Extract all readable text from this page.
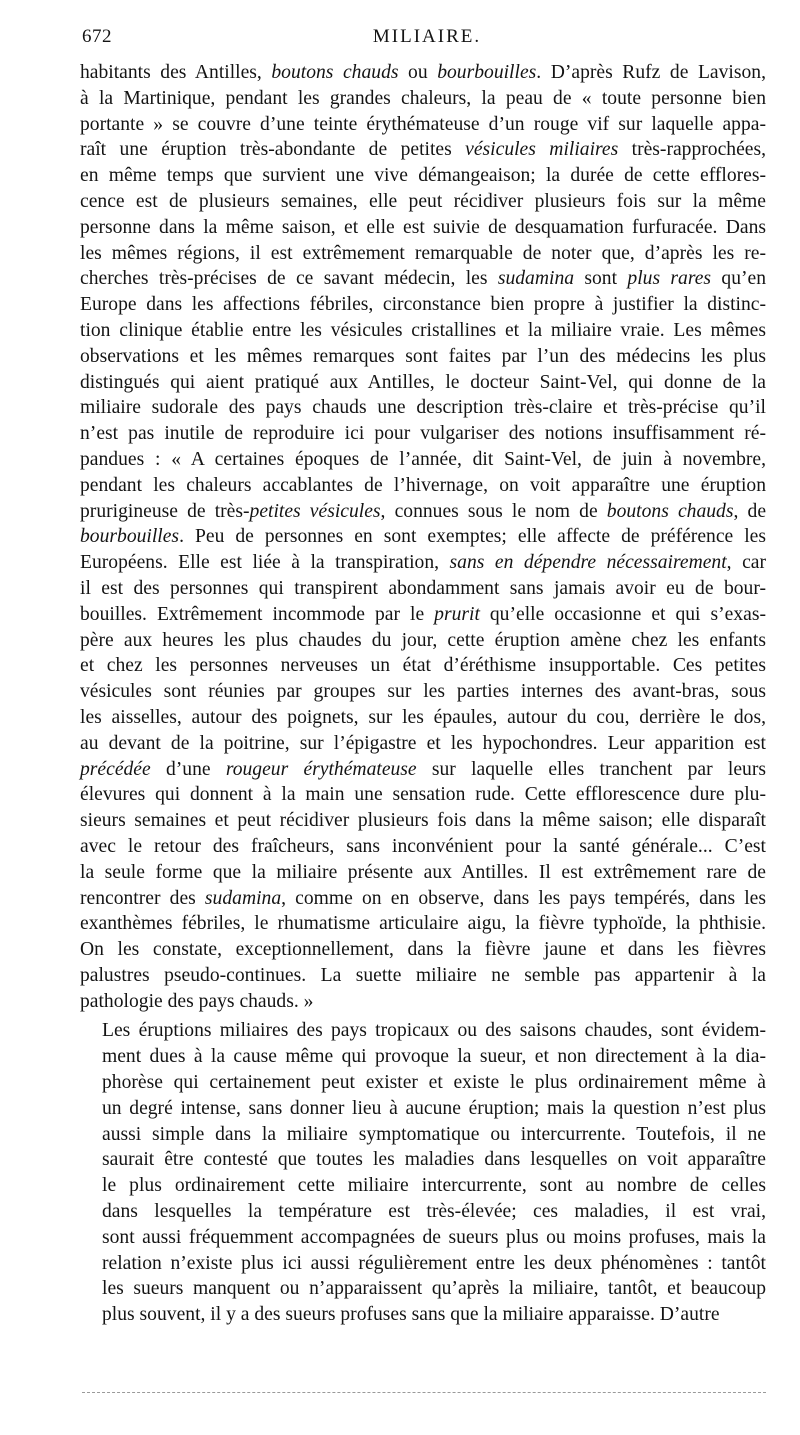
672	MILIAIRE.

habitants des Antilles, boutons chauds ou bourbouilles. D’après Rufz de Lavison,
à la Martinique, pendant les grandes chaleurs, la peau de « toute personne bien
portante » se couvre d’une teinte érythémateuse d’un rouge vif sur laquelle appa-
raît une éruption très-abondante de petites vésicules miliaires très-rapprochées,
en même temps que survient une vive démangeaison; la durée de cette efflores-
cence est de plusieurs semaines, elle peut récidiver plusieurs fois sur la même
personne dans la même saison, et elle est suivie de desquamation furfuracée. Dans
les mêmes régions, il est extrêmement remarquable de noter que, d’après les re-
cherches très-précises de ce savant médecin, les sudamina sont plus rares qu’en
Europe dans les affections fébriles, circonstance bien propre à justifier la distinc-
tion clinique établie entre les vésicules cristallines et la miliaire vraie. Les mêmes
observations et les mêmes remarques sont faites par l’un des médecins les plus
distingués qui aient pratiqué aux Antilles, le docteur Saint-Vel, qui donne de la
miliaire sudorale des pays chauds une description très-claire et très-précise qu’il
n’est pas inutile de reproduire ici pour vulgariser des notions insuffisamment ré-
pandues : « A certaines époques de l’année, dit Saint-Vel, de juin à novembre,
pendant les chaleurs accablantes de l’hivernage, on voit apparaître une éruption
prurigineuse de très-petites vésicules, connues sous le nom de boutons chauds, de
bourbouilles. Peu de personnes en sont exemptes; elle affecte de préférence les
Européens. Elle est liée à la transpiration, sans en dépendre nécessairement, car
il est des personnes qui transpirent abondamment sans jamais avoir eu de bour-
bouilles. Extrêmement incommode par le prurit qu’elle occasionne et qui s’exas-
père aux heures les plus chaudes du jour, cette éruption amène chez les enfants
et chez les personnes nerveuses un état d’éréthisme insupportable. Ces petites
vésicules sont réunies par groupes sur les parties internes des avant-bras, sous
les aisselles, autour des poignets, sur les épaules, autour du cou, derrière le dos,
au devant de la poitrine, sur l’épigastre et les hypochondres. Leur apparition est
précédée d’une rougeur érythémateuse sur laquelle elles tranchent par leurs
élevures qui donnent à la main une sensation rude. Cette efflorescence dure plu-
sieurs semaines et peut récidiver plusieurs fois dans la même saison; elle disparaît
avec le retour des fraîcheurs, sans inconvénient pour la santé générale... C’est
la seule forme que la miliaire présente aux Antilles. Il est extrêmement rare de
rencontrer des sudamina, comme on en observe, dans les pays tempérés, dans les
exanthèmes fébriles, le rhumatisme articulaire aigu, la fièvre typhoïde, la phthisie.
On les constate, exceptionnellement, dans la fièvre jaune et dans les fièvres
palustres pseudo-continues. La suette miliaire ne semble pas appartenir à la
pathologie des pays chauds. »

Les éruptions miliaires des pays tropicaux ou des saisons chaudes, sont évidem-
ment dues à la cause même qui provoque la sueur, et non directement à la dia-
phorèse qui certainement peut exister et existe le plus ordinairement même à
un degré intense, sans donner lieu à aucune éruption; mais la question n’est plus
aussi simple dans la miliaire symptomatique ou intercurrente. Toutefois, il ne
saurait être contesté que toutes les maladies dans lesquelles on voit apparaître
le plus ordinairement cette miliaire intercurrente, sont au nombre de celles
dans lesquelles la température est très-élevée; ces maladies, il est vrai,
sont aussi fréquemment accompagnées de sueurs plus ou moins profuses, mais la
relation n’existe plus ici aussi régulièrement entre les deux phénomènes : tantôt
les sueurs manquent ou n’apparaissent qu’après la miliaire, tantôt, et beaucoup
plus souvent, il y a des sueurs profuses sans que la miliaire apparaisse. D’autre
